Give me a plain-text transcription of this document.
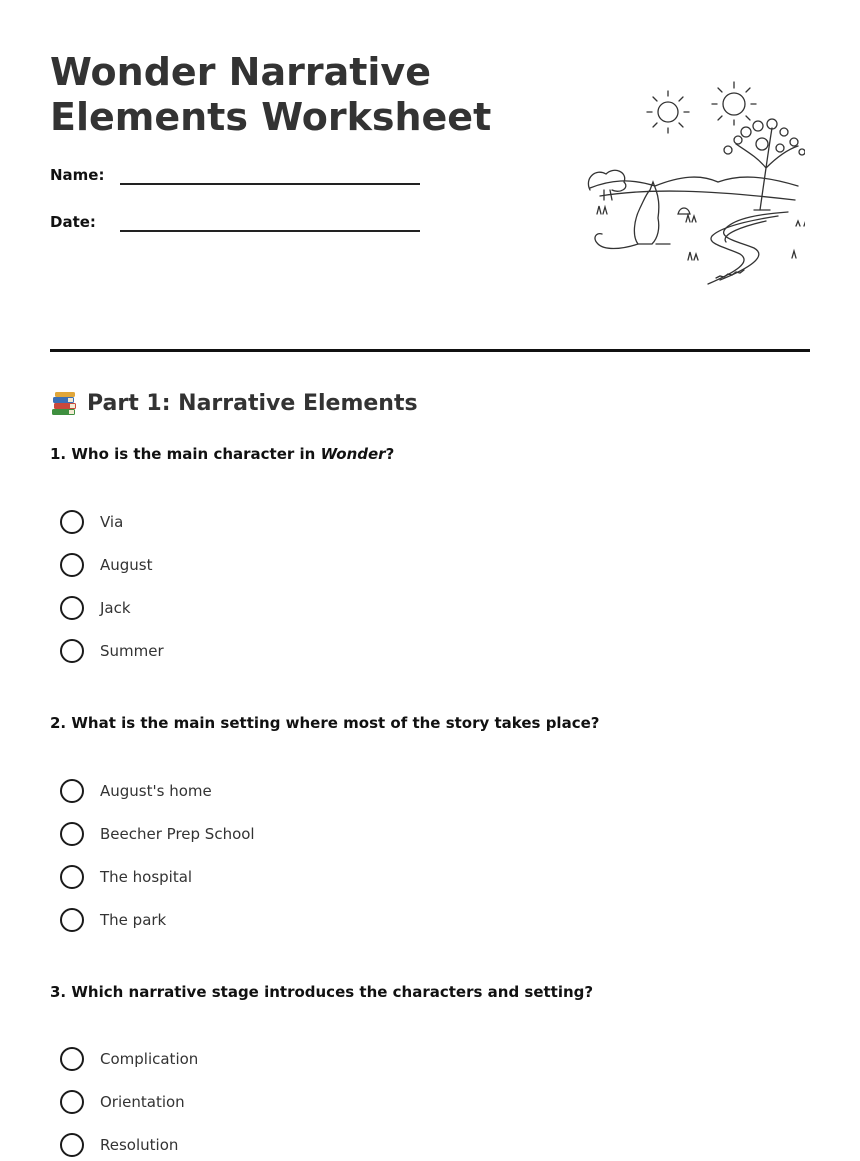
Wonder Narrative
Elements Worksheet
Name:
Date:
Part 1: Narrative Elements

1. Who is the main character in Wonder?

Via
August
Jack
Summer

2. What is the main setting where most of the story takes place?

August's home
Beecher Prep School
The hospital
The park

3. Which narrative stage introduces the characters and setting?

Complication
Orientation
Resolution
